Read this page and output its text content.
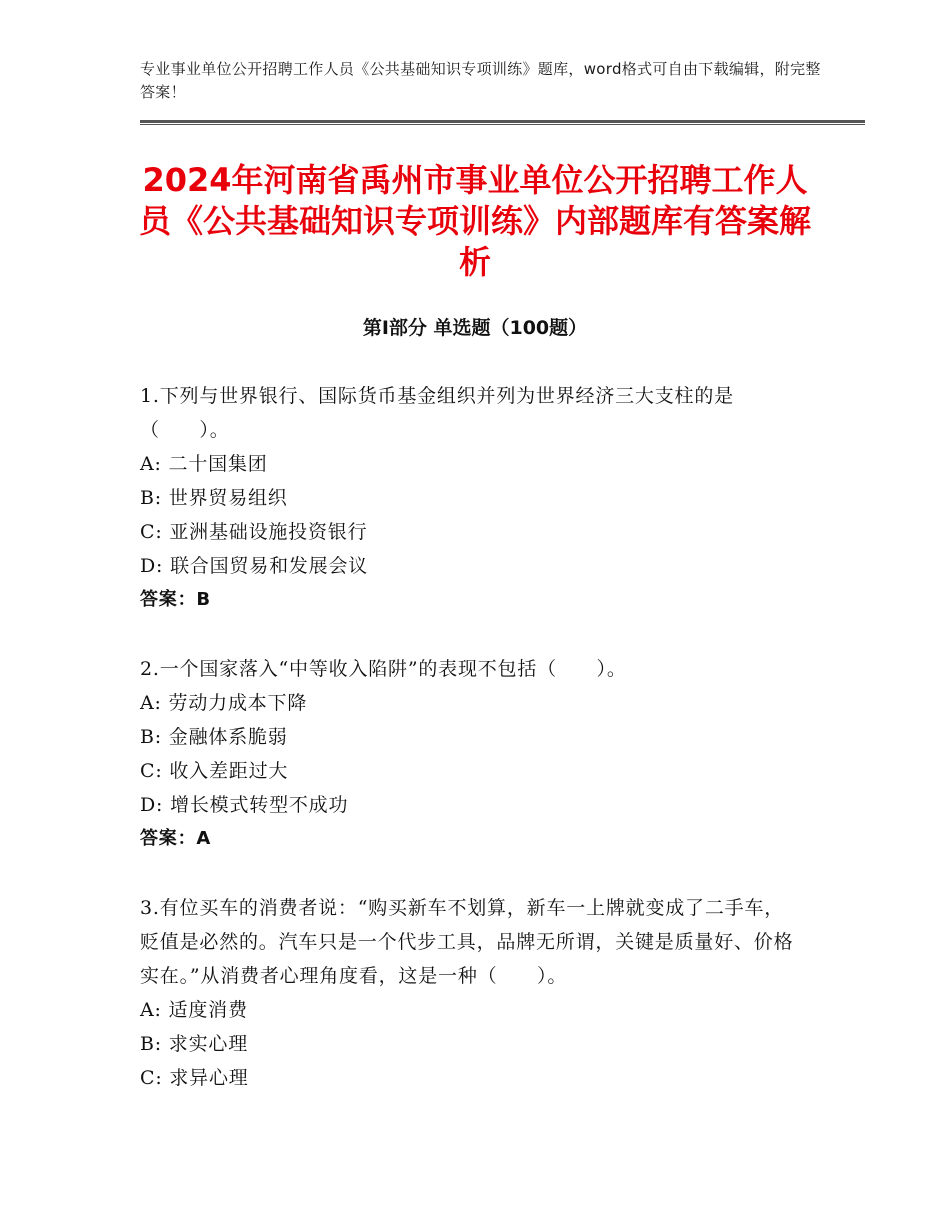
专业事业单位公开招聘工作人员《公共基础知识专项训练》题库，word格式可自由下载编辑，附完整答案！
2024年河南省禹州市事业单位公开招聘工作人员《公共基础知识专项训练》内部题库有答案解析
第Ⅰ部分 单选题（100题）
1.下列与世界银行、国际货币基金组织并列为世界经济三大支柱的是（　　）。
A: 二十国集团
B: 世界贸易组织
C: 亚洲基础设施投资银行
D: 联合国贸易和发展会议
答案：B
2.一个国家落入“中等收入陷阱”的表现不包括（　　）。
A: 劳动力成本下降
B: 金融体系脆弱
C: 收入差距过大
D: 增长模式转型不成功
答案：A
3.有位买车的消费者说：“购买新车不划算，新车一上牌就变成了二手车，贬值是必然的。汽车只是一个代步工具，品牌无所谓，关键是质量好、价格实在。”从消费者心理角度看，这是一种（　　）。
A: 适度消费
B: 求实心理
C: 求异心理
